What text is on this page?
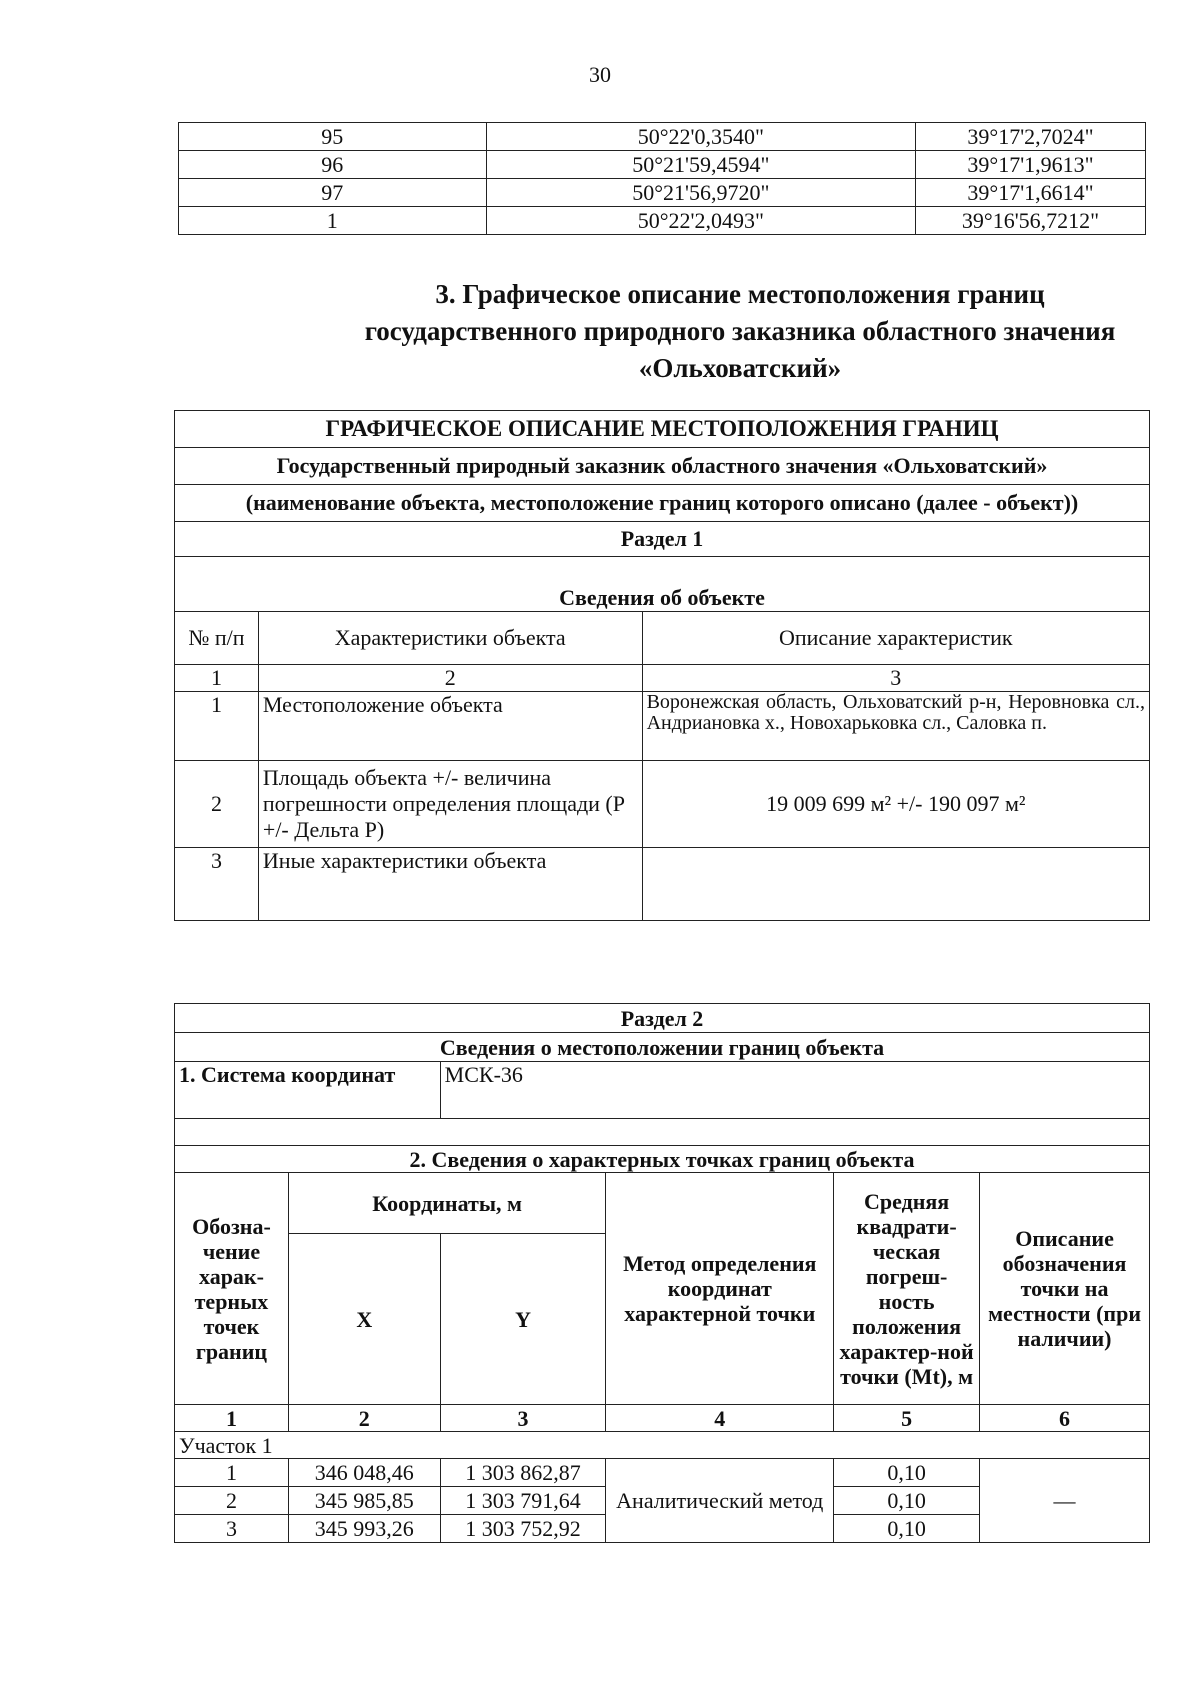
30
95	50°22'0,3540"	39°17'2,7024"
96	50°21'59,4594"	39°17'1,9613"
97	50°21'56,9720"	39°17'1,6614"
1	50°22'2,0493"	39°16'56,7212"
3. Графическое описание местоположения границ
государственного природного заказника областного значения
«Ольховатский»
ГРАФИЧЕСКОЕ ОПИСАНИЕ МЕСТОПОЛОЖЕНИЯ ГРАНИЦ		
Государственный природный заказник областного значения «Ольховатский»		
(наименование объекта, местоположение границ которого описано (далее - объект))		
Раздел 1		
Сведения об объекте		
№ п/п	Характеристики объекта	Описание характеристик
1	2	3
1	Местоположение объекта	Воронежская область, Ольховатский р-н, Неровновка сл., Андриановка х., Новохарьковка сл., Саловка п.
2	Площадь объекта +/- величина погрешности определения площади (P +/- Дельта P)	19 009 699 м² +/- 190 097 м²
3	Иные характеристики объекта	
Раздел 2					
Сведения о местоположении границ объекта					
1. Система координат		МСК-36			

2. Сведения о характерных точках границ объекта					
Обозна-чение харак-терных точек границ	Координаты, м		Метод определения координат характерной точки	Средняя квадрати-ческая погреш-ность положения характер-ной точки (Mt), м	Описание обозначения точки на местности (при наличии)
	X	Y			
1	2	3	4	5	6
Участок 1					
1	346 048,46	1 303 862,87	Аналитический метод	0,10	—
2	345 985,85	1 303 791,64		0,10	
3	345 993,26	1 303 752,92		0,10	
